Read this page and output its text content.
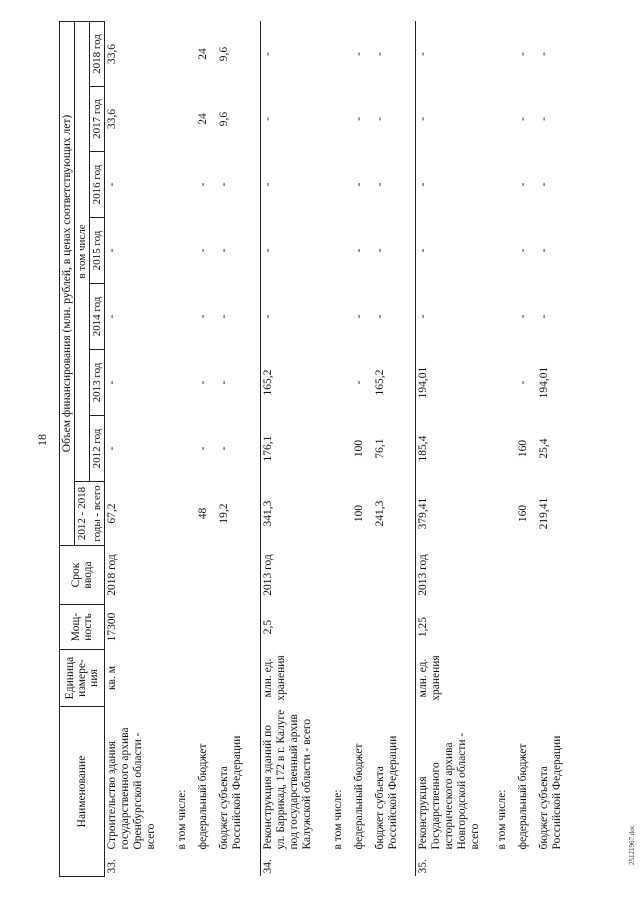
18
25121967.doc
Наименование		Единица измере-ния	Мощ-ность	Срок ввода	Объем финансирования (млн. рублей, в ценах соответствующих лет)							
					2012 - 2018	в том числе						
					годы - всего	2012 год	2013 год	2014 год	2015 год	2016 год	2017 год	2018 год
33.	Строительство здания государственного архива Оренбургской области - всего	кв. м	17300	2018 год	67,2	-	-	-	-	-	33,6	33,6
	в том числе:											
	федеральный бюджет				48	-	-	-	-	-	24	24
	бюджет субъекта Российской Федерации				19,2	-	-	-	-	-	9,6	9,6
34.	Реконструкция зданий по ул. Баррикад, 172 в г. Калуге под государственный архив Калужской области - всего	млн. ед. хранения	2,5	2013 год	341,3	176,1	165,2	-	-	-	-	-
	в том числе:											
	федеральный бюджет				100	100	-	-	-	-	-	-
	бюджет субъекта Российской Федерации				241,3	76,1	165,2	-	-	-	-	-
35.	Реконструкция Государственного исторического архива Новгородской области - всего	млн. ед. хранения	1,25	2013 год	379,41	185,4	194,01	-	-	-	-	-
	в том числе:											
	федеральный бюджет				160	160	-	-	-	-	-	-
	бюджет субъекта Российской Федерации				219,41	25,4	194,01	-	-	-	-	-
